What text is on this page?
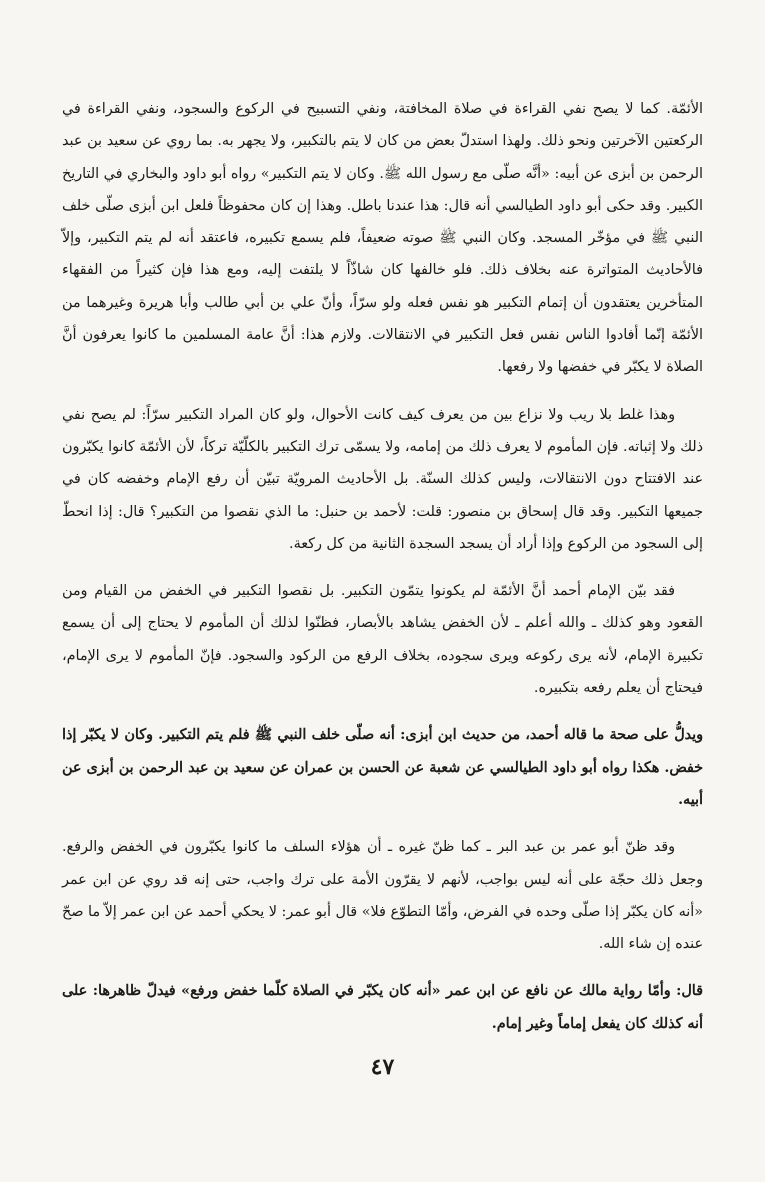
الأئمّة. كما لا يصح نفي القراءة في صلاة المخافتة، ونفي التسبيح في الركوع والسجود، ونفي القراءة في الركعتين الآخرتين ونحو ذلك. ولهذا استدلّ بعض من كان لا يتم بالتكبير، ولا يجهر به. بما روي عن سعيد بن عبد الرحمن بن أبزى عن أبيه: «أنَّه صلّى مع رسول الله ﷺ. وكان لا يتم التكبير» رواه أبو داود والبخاري في التاريخ الكبير. وقد حكى أبو داود الطيالسي أنه قال: هذا عندنا باطل. وهذا إن كان محفوظاً فلعل ابن أبزى صلّى خلف النبي ﷺ في مؤخّر المسجد. وكان النبي ﷺ صوته ضعيفاً، فلم يسمع تكبيره، فاعتقد أنه لم يتم التكبير، وإلاّ فالأحاديث المتواترة عنه بخلاف ذلك. فلو خالفها كان شاذّاً لا يلتفت إليه، ومع هذا فإن كثيراً من الفقهاء المتأخرين يعتقدون أن إتمام التكبير هو نفس فعله ولو سرّاً، وأنّ علي بن أبي طالب وأبا هريرة وغيرهما من الأئمّة إنّما أفادوا الناس نفس فعل التكبير في الانتقالات. ولازم هذا: أنَّ عامة المسلمين ما كانوا يعرفون أنَّ الصلاة لا يكبّر في خفضها ولا رفعها.

وهذا غلط بلا ريب ولا نزاع بين من يعرف كيف كانت الأحوال، ولو كان المراد التكبير سرّاً: لم يصح نفي ذلك ولا إثباته. فإن المأموم لا يعرف ذلك من إمامه، ولا يسمّى ترك التكبير بالكلّيّة تركاً، لأن الأئمّة كانوا يكبّرون عند الافتتاح دون الانتقالات، وليس كذلك السنّة. بل الأحاديث المرويّة تبيّن أن رفع الإمام وخفضه كان في جميعها التكبير. وقد قال إسحاق بن منصور: قلت: لأحمد بن حنبل: ما الذي نقصوا من التكبير؟ قال: إذا انحطّ إلى السجود من الركوع وإذا أراد أن يسجد السجدة الثانية من كل ركعة.

فقد بيّن الإمام أحمد أنَّ الأئمّة لم يكونوا يتمّون التكبير. بل نقصوا التكبير في الخفض من القيام ومن القعود وهو كذلك ـ والله أعلم ـ لأن الخفض يشاهد بالأبصار، فظنّوا لذلك أن المأموم لا يحتاج إلى أن يسمع تكبيرة الإمام، لأنه يرى ركوعه ويرى سجوده، بخلاف الرفع من الركود والسجود. فإنّ المأموم لا يرى الإمام، فيحتاج أن يعلم رفعه بتكبيره.

ويدلُّ على صحة ما قاله أحمد، من حديث ابن أبزى: أنه صلّى خلف النبي ﷺ فلم يتم التكبير. وكان لا يكبّر إذا خفض. هكذا رواه أبو داود الطيالسي عن شعبة عن الحسن بن عمران عن سعيد بن عبد الرحمن بن أبزى عن أبيه.

وقد ظنّ أبو عمر بن عبد البر ـ كما ظنّ غيره ـ أن هؤلاء السلف ما كانوا يكبّرون في الخفض والرفع. وجعل ذلك حجّة على أنه ليس بواجب، لأنهم لا يقرّون الأمة على ترك واجب، حتى إنه قد روي عن ابن عمر «أنه كان يكبّر إذا صلّى وحده في الفرض، وأمّا التطوّع فلا» قال أبو عمر: لا يحكي أحمد عن ابن عمر إلاّ ما صحّ عنده إن شاء الله.

قال: وأمّا رواية مالك عن نافع عن ابن عمر «أنه كان يكبّر في الصلاة كلّما خفض ورفع» فيدلّ ظاهرها: على أنه كذلك كان يفعل إماماً وغير إمام.

٤٧
